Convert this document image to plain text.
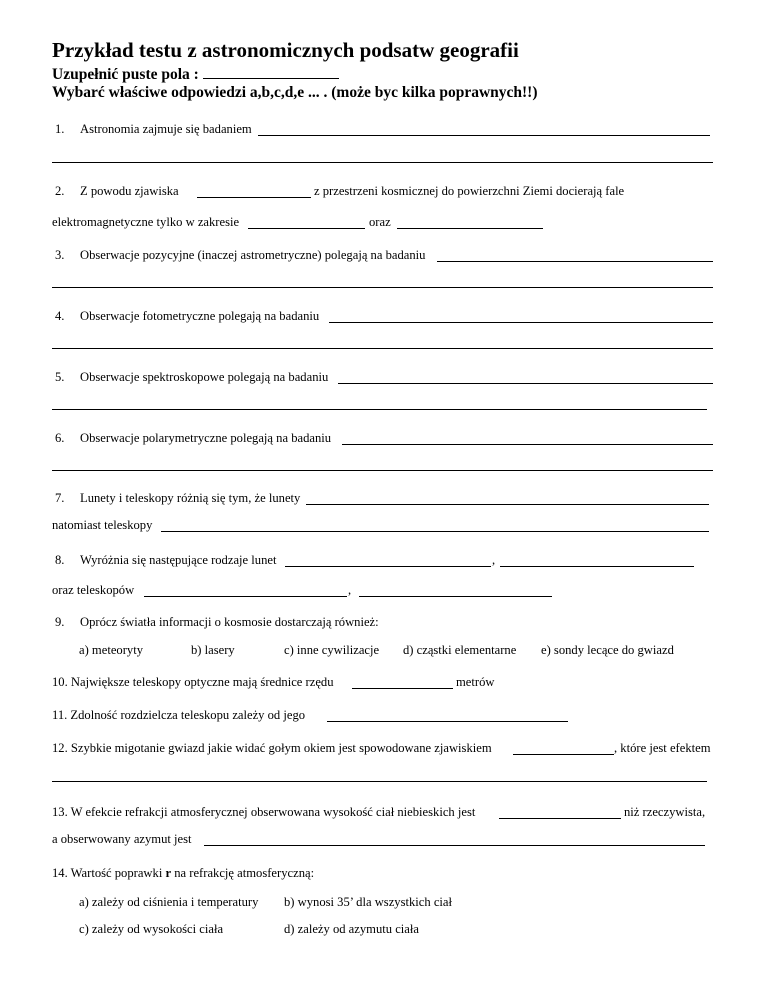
Przykład testu z astronomicznych podsatw geografii
Uzupełnić puste pola :
Wybarć właściwe odpowiedzi a,b,c,d,e ... . (może byc kilka poprawnych!!)
1. Astronomia zajmuje się badaniem
2. Z powodu zjawiska	z przestrzeni kosmicznej do powierzchni Ziemi docierają fale
elektromagnetyczne tylko w zakresie	oraz
3. Obserwacje pozycyjne (inaczej astrometryczne) polegają na badaniu
4. Obserwacje fotometryczne polegają na badaniu
5. Obserwacje spektroskopowe polegają na badaniu
6. Obserwacje polarymetryczne polegają na badaniu
7. Lunety i teleskopy różnią się tym, że lunety
natomiast teleskopy
8. Wyróżnia się następujące rodzaje lunet	,
oraz teleskopów	,
9. Oprócz światła informacji o kosmosie dostarczają również:
a) meteoryty	b) lasery	c) inne cywilizacje d) cząstki elementarne e) sondy lecące do gwiazd
10. Największe teleskopy optyczne mają średnice rzędu	metrów
11. Zdolność rozdzielcza teleskopu zależy od jego
12. Szybkie migotanie gwiazd jakie widać gołym okiem jest spowodowane zjawiskiem	, które jest efektem
13. W efekcie refrakcji atmosferycznej obserwowana wysokość ciał niebieskich jest	niż rzeczywista,
a obserwowany azymut jest
14. Wartość poprawki r na refrakcję atmosferyczną:
a) zależy od ciśnienia i temperatury b) wynosi 35’ dla wszystkich ciał
c) zależy od wysokości ciała	d) zależy od azymutu ciała
